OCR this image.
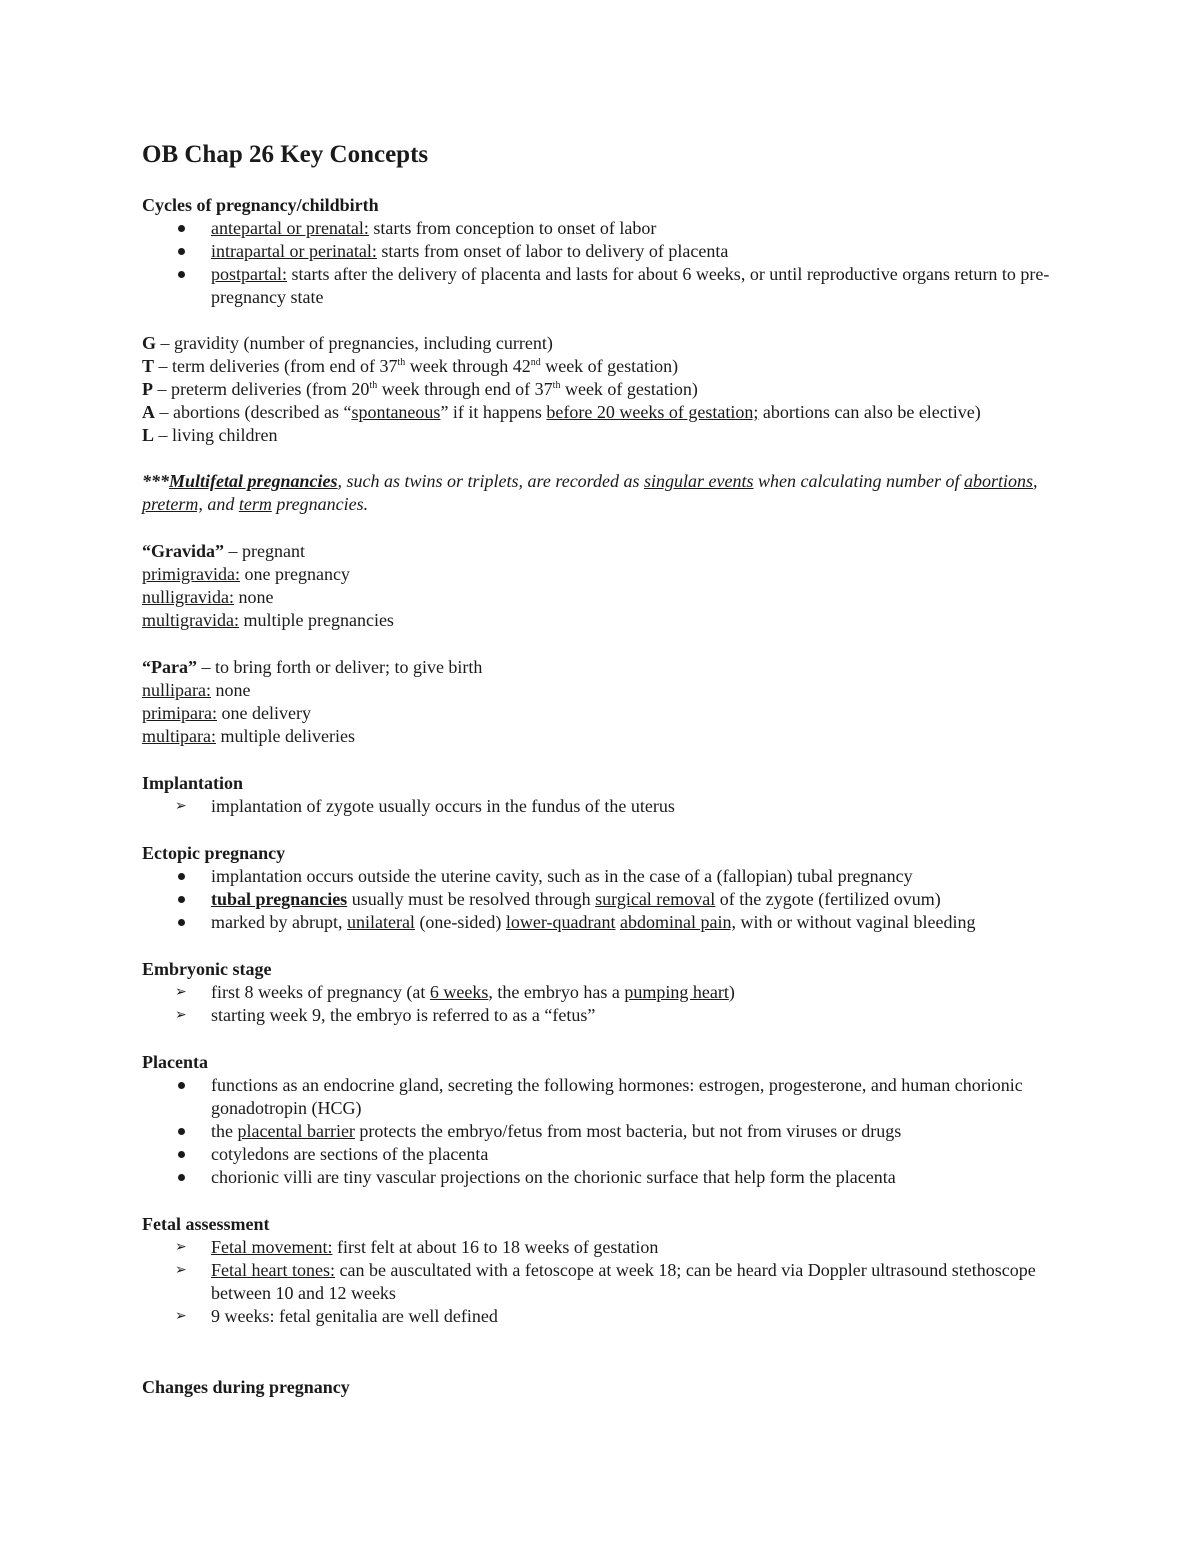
OB Chap 26 Key Concepts

Cycles of pregnancy/childbirth

antepartal or prenatal: starts from conception to onset of labor
intrapartal or perinatal: starts from onset of labor to delivery of placenta
postpartal: starts after the delivery of placenta and lasts for about 6 weeks, or until reproductive organs return to pre-pregnancy state

G – gravidity (number of pregnancies, including current)

T – term deliveries (from end of 37th week through 42nd week of gestation)

P – preterm deliveries (from 20th week through end of 37th week of gestation)

A – abortions (described as “spontaneous” if it happens before 20 weeks of gestation; abortions can also be elective)

L – living children

***Multifetal pregnancies, such as twins or triplets, are recorded as singular events when calculating number of abortions, preterm, and term pregnancies.

“Gravida” – pregnant

primigravida: one pregnancy

nulligravida: none

multigravida: multiple pregnancies

“Para” – to bring forth or deliver; to give birth

nullipara: none

primipara: one delivery

multipara: multiple deliveries

Implantation

➢	implantation of zygote usually occurs in the fundus of the uterus

Ectopic pregnancy

implantation occurs outside the uterine cavity, such as in the case of a (fallopian) tubal pregnancy
tubal pregnancies usually must be resolved through surgical removal of the zygote (fertilized ovum)
marked by abrupt, unilateral (one-sided) lower-quadrant abdominal pain, with or without vaginal bleeding

Embryonic stage

➢	first 8 weeks of pregnancy (at 6 weeks, the embryo has a pumping heart)
➢	starting week 9, the embryo is referred to as a “fetus”

Placenta

functions as an endocrine gland, secreting the following hormones: estrogen, progesterone, and human chorionic gonadotropin (HCG)
the placental barrier protects the embryo/fetus from most bacteria, but not from viruses or drugs
cotyledons are sections of the placenta
chorionic villi are tiny vascular projections on the chorionic surface that help form the placenta

Fetal assessment

➢	Fetal movement: first felt at about 16 to 18 weeks of gestation
➢	Fetal heart tones: can be auscultated with a fetoscope at week 18; can be heard via Doppler ultrasound stethoscope between 10 and 12 weeks
➢	9 weeks: fetal genitalia are well defined

Changes during pregnancy
